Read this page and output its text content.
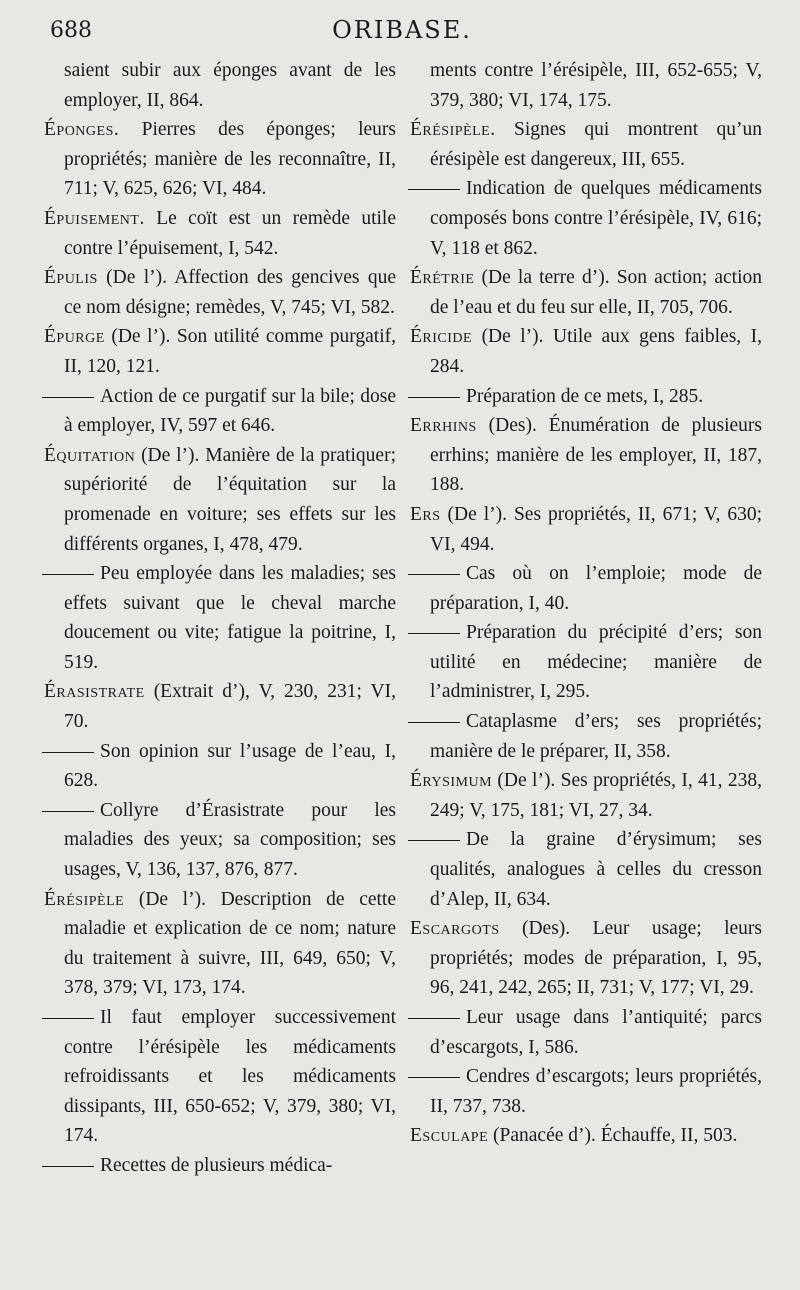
688	ORIBASE.

saient subir aux éponges avant de les employer, II, 864.

Éponges. Pierres des éponges; leurs propriétés; manière de les reconnaître, II, 711; V, 625, 626; VI, 484.

Épuisement. Le coït est un remède utile contre l’épuisement, I, 542.

Épulis (De l’). Affection des gencives que ce nom désigne; remèdes, V, 745; VI, 582.

Épurge (De l’). Son utilité comme purgatif, II, 120, 121.

Action de ce purgatif sur la bile; dose à employer, IV, 597 et 646.

Équitation (De l’). Manière de la pratiquer; supériorité de l’équitation sur la promenade en voiture; ses effets sur les différents organes, I, 478, 479.

Peu employée dans les maladies; ses effets suivant que le cheval marche doucement ou vite; fatigue la poitrine, I, 519.

Érasistrate (Extrait d’), V, 230, 231; VI, 70.

Son opinion sur l’usage de l’eau, I, 628.

Collyre d’Érasistrate pour les maladies des yeux; sa composition; ses usages, V, 136, 137, 876, 877.

Érésipèle (De l’). Description de cette maladie et explication de ce nom; nature du traitement à suivre, III, 649, 650; V, 378, 379; VI, 173, 174.

Il faut employer successivement contre l’érésipèle les médicaments refroidissants et les médicaments dissipants, III, 650-652; V, 379, 380; VI, 174.

Recettes de plusieurs médica-

ments contre l’érésipèle, III, 652-655; V, 379, 380; VI, 174, 175.

Érésipèle. Signes qui montrent qu’un érésipèle est dangereux, III, 655.

Indication de quelques médicaments composés bons contre l’érésipèle, IV, 616; V, 118 et 862.

Érétrie (De la terre d’). Son action; action de l’eau et du feu sur elle, II, 705, 706.

Éricide (De l’). Utile aux gens faibles, I, 284.

Préparation de ce mets, I, 285.

Errhins (Des). Énumération de plusieurs errhins; manière de les employer, II, 187, 188.

Ers (De l’). Ses propriétés, II, 671; V, 630; VI, 494.

Cas où on l’emploie; mode de préparation, I, 40.

Préparation du précipité d’ers; son utilité en médecine; manière de l’administrer, I, 295.

Cataplasme d’ers; ses propriétés; manière de le préparer, II, 358.

Érysimum (De l’). Ses propriétés, I, 41, 238, 249; V, 175, 181; VI, 27, 34.

De la graine d’érysimum; ses qualités, analogues à celles du cresson d’Alep, II, 634.

Escargots (Des). Leur usage; leurs propriétés; modes de préparation, I, 95, 96, 241, 242, 265; II, 731; V, 177; VI, 29.

Leur usage dans l’antiquité; parcs d’escargots, I, 586.

Cendres d’escargots; leurs propriétés, II, 737, 738.

Esculape (Panacée d’). Échauffe, II, 503.
